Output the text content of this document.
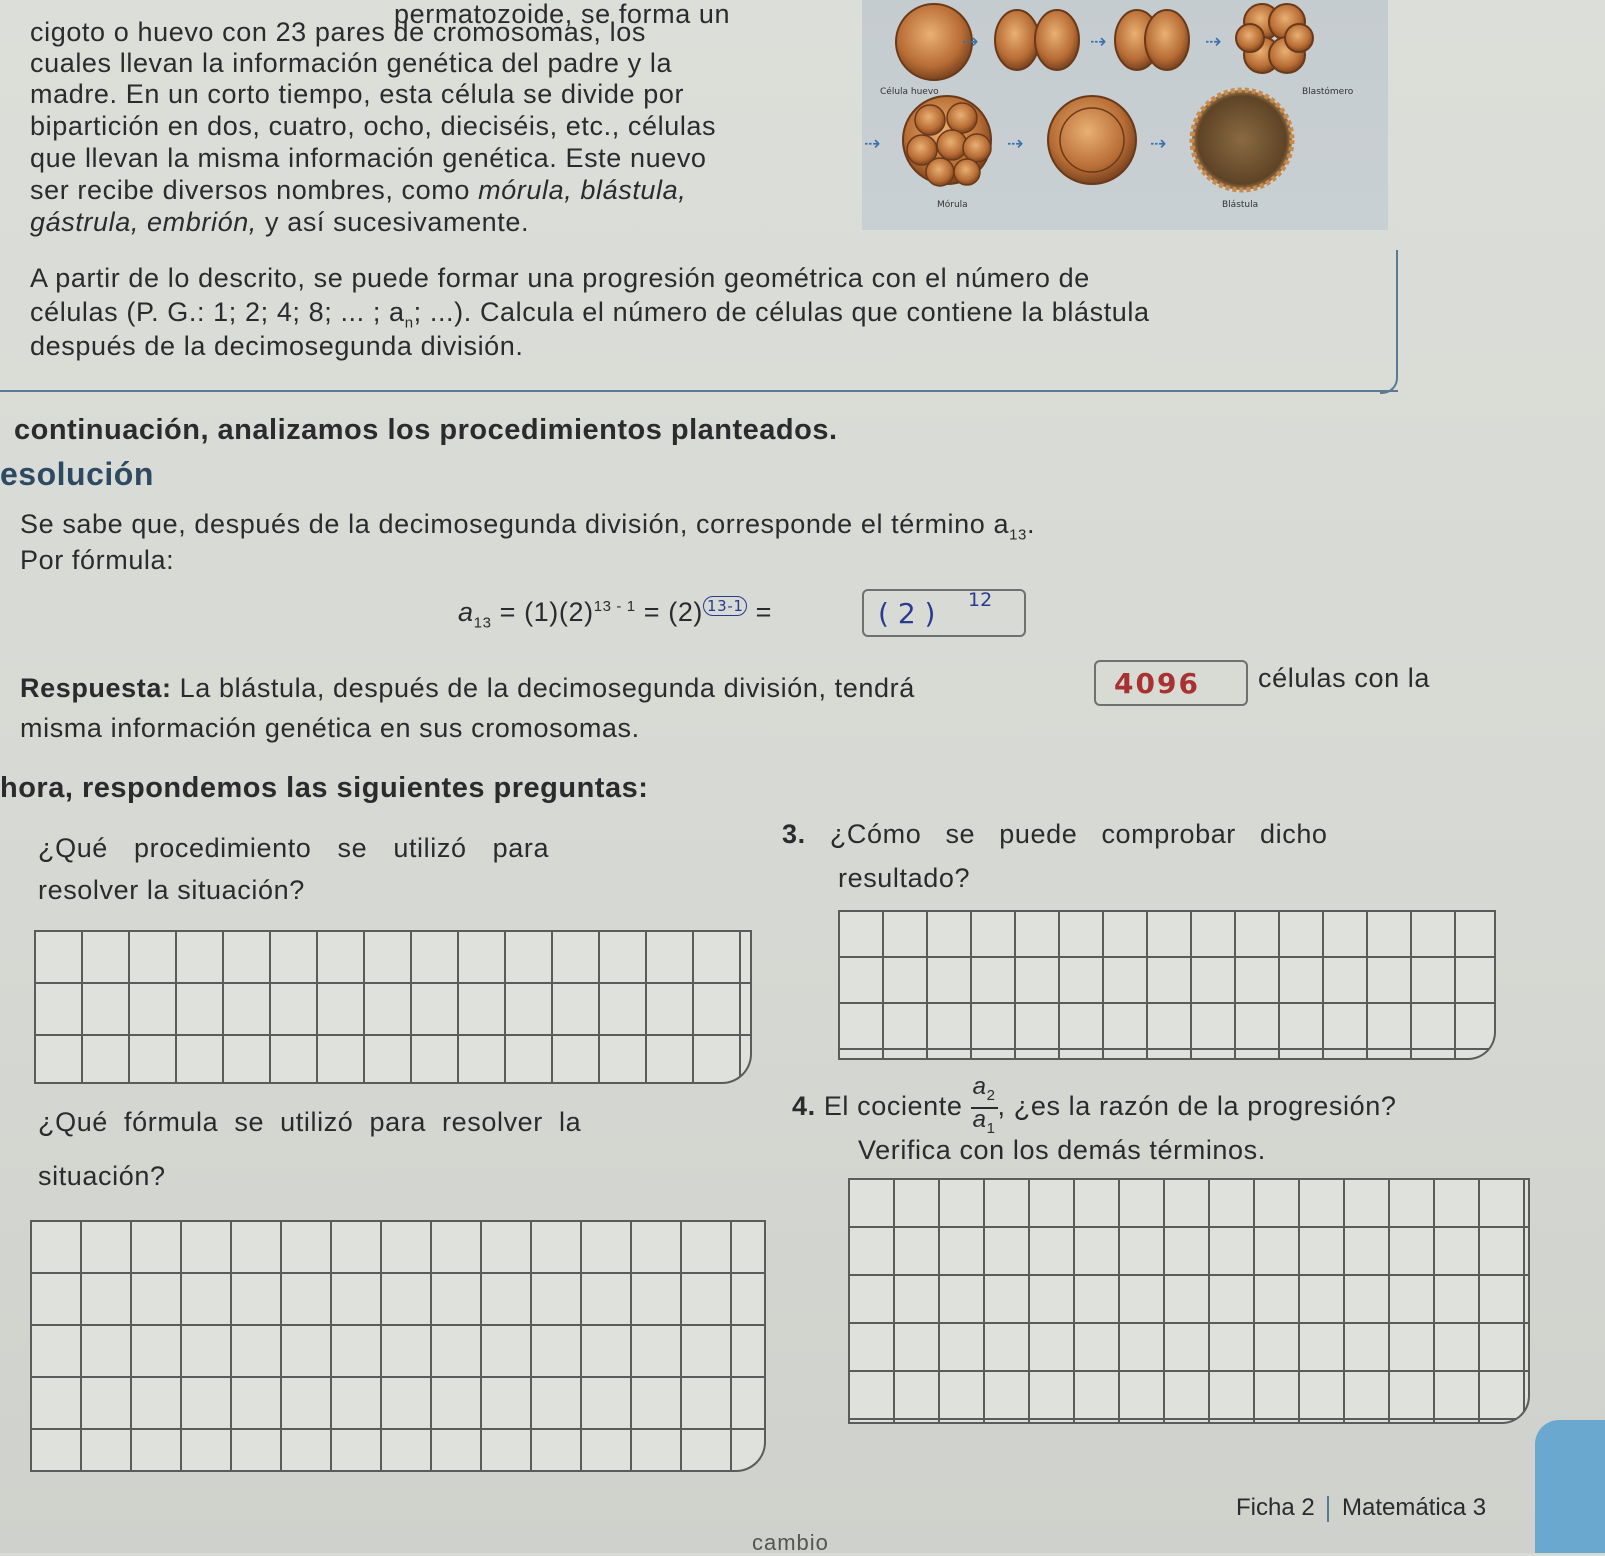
⇢	⇢	⇢
Célula huevo	Blastómero
⇢	⇢	⇢
Mórula	Blástula
permatozoide, se forma un
cigoto o huevo con 23 pares de cromosomas, los
cuales llevan la información genética del padre y la
madre. En un corto tiempo, esta célula se divide por
bipartición en dos, cuatro, ocho, dieciséis, etc., células
que llevan la misma información genética. Este nuevo
ser recibe diversos nombres, como mórula, blástula,
gástrula, embrión, y así sucesivamente.
A partir de lo descrito, se puede formar una progresión geométrica con el número de
células (P. G.: 1; 2; 4; 8; ... ; $a_n$; ...). Calcula el número de células que contiene la blástula
después de la decimosegunda división.
continuación, analizamos los procedimientos planteados.
esolución
Se sabe que, después de la decimosegunda división, corresponde el término $a_{13}$.
Por fórmula:
$a_{13} = (1)(2)^{13 - 1} = (2) ^{13-1}$ =	( 2 ) 12
Respuesta: La blástula, después de la decimosegunda división, tendrá	4096 células con la
misma información genética en sus cromosomas.
hora, respondemos las siguientes preguntas:
¿Qué procedimiento se utilizó para
resolver la situación?
3. ¿Cómo se puede comprobar dicho
resultado?
¿Qué fórmula se utilizó para resolver la
situación?
4. El cociente $\frac{a_2}{a_1}$ , ¿es la razón de la progresión?
Verifica con los demás términos.
Ficha 2 Matemática 3
cambio
